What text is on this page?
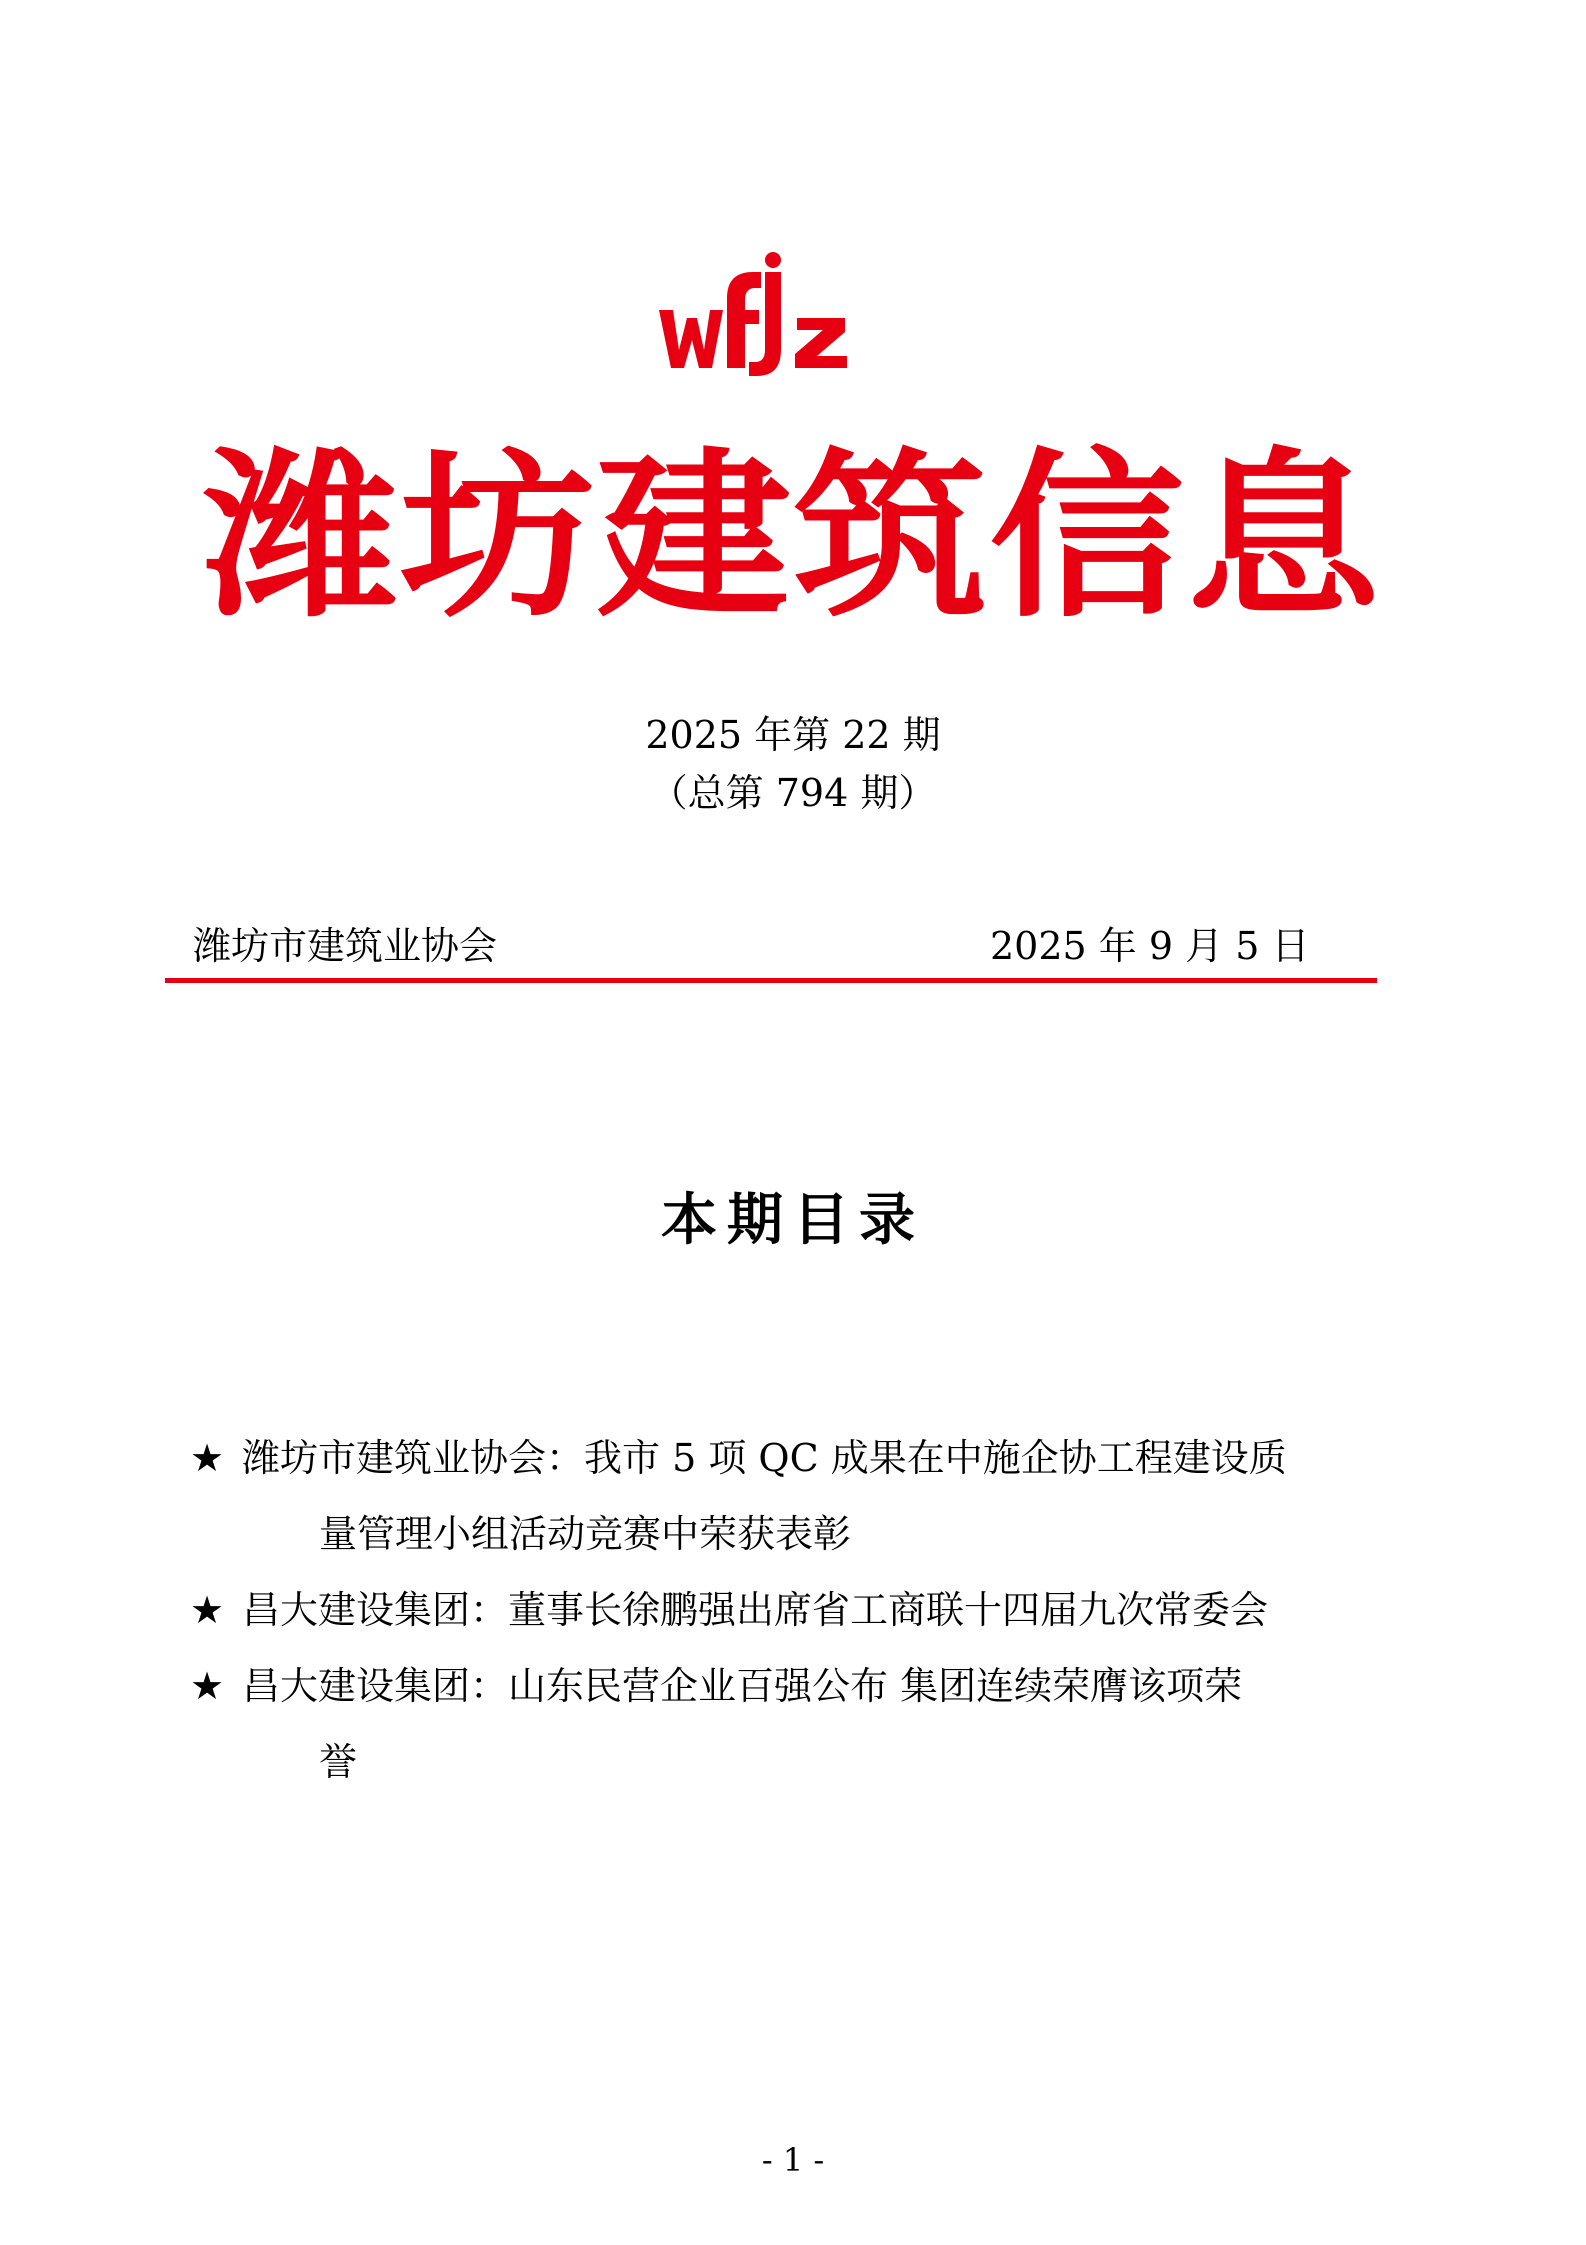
潍坊建筑信息
2025 年第 22 期
（总第 794 期）
潍坊市建筑业协会	2025 年 9 月 5 日
本期目录
★ 潍坊市建筑业协会：我市 5 项 QC 成果在中施企协工程建设质
量管理小组活动竞赛中荣获表彰
★ 昌大建设集团：董事长徐鹏强出席省工商联十四届九次常委会
★ 昌大建设集团：山东民营企业百强公布 集团连续荣膺该项荣
誉
- 1 -
